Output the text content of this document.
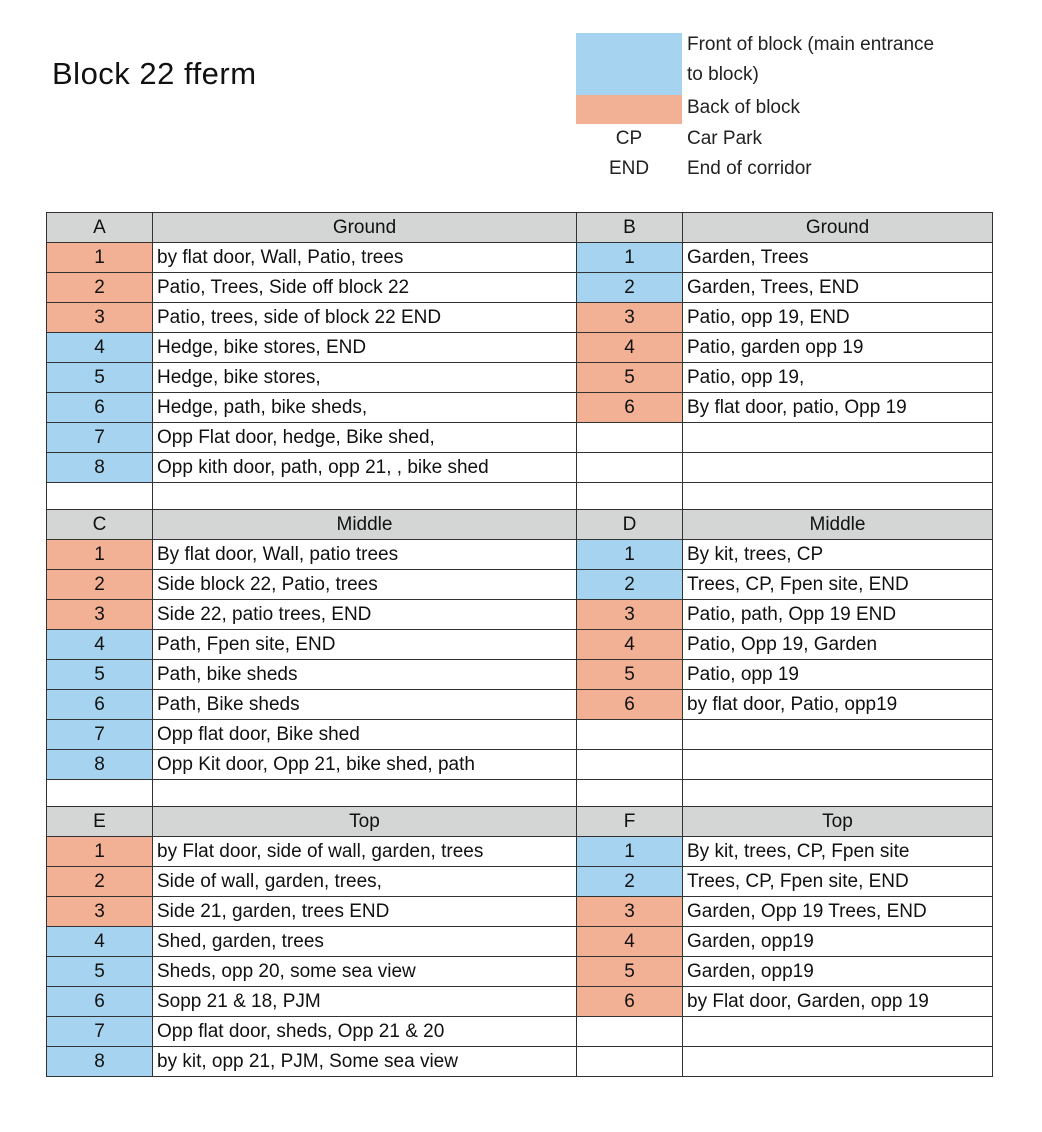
Block 22 fferm
Front of block (main entrance
to block)
Back of block
CP	Car Park
END	End of corridor
A	Ground	B	Ground
1	by flat door, Wall, Patio, trees	1	Garden, Trees
2	Patio, Trees, Side off block 22	2	Garden, Trees, END
3	Patio, trees, side of block 22 END	3	Patio, opp 19, END
4	Hedge, bike stores, END	4	Patio, garden opp 19
5	Hedge, bike stores,	5	Patio, opp 19,
6	Hedge, path, bike sheds,	6	By flat door, patio, Opp 19
7	Opp Flat door, hedge, Bike shed,		
8	Opp kith door, path, opp 21, , bike shed		

C	Middle	D	Middle
1	By flat door, Wall, patio trees	1	By kit, trees, CP
2	Side block 22, Patio, trees	2	Trees, CP, Fpen site, END
3	Side 22, patio trees, END	3	Patio, path, Opp 19 END
4	Path, Fpen site, END	4	Patio, Opp 19, Garden
5	Path, bike sheds	5	Patio, opp 19
6	Path, Bike sheds	6	by flat door, Patio, opp19
7	Opp flat door, Bike shed		
8	Opp Kit door, Opp 21, bike shed, path		

E	Top	F	Top
1	by Flat door, side of wall, garden, trees	1	By kit, trees, CP, Fpen site
2	Side of wall, garden, trees,	2	Trees, CP, Fpen site, END
3	Side 21, garden, trees END	3	Garden, Opp 19 Trees, END
4	Shed, garden, trees	4	Garden, opp19
5	Sheds, opp 20, some sea view	5	Garden, opp19
6	Sopp 21 & 18, PJM	6	by Flat door, Garden, opp 19
7	Opp flat door, sheds, Opp 21 & 20		
8	by kit, opp 21, PJM, Some sea view		
